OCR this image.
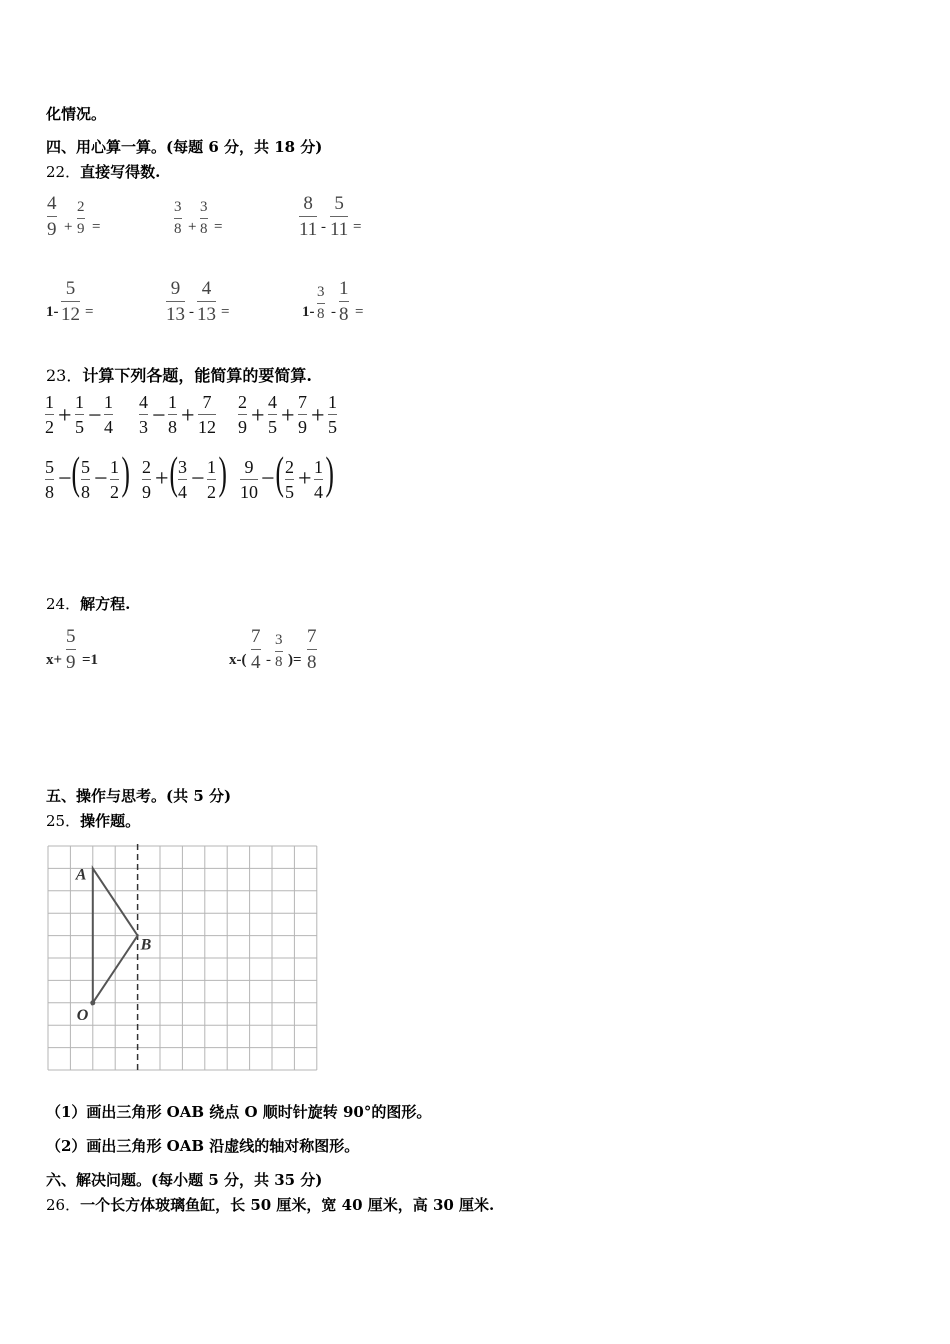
化情况。
四、用心算一算。(每题 6 分，共 18 分)
22．直接写得数.
4
9 +
2
9 =
3
8 +
3
8 =
8
11 -
5
11 =
1-
5
12 =
9
13 -
4
13 =	1-
3
8 -
1
8 =
23．计算下列各题，能简算的要简算.
1
2 +
1
5 −
1
4
4
3 −
1
8 +
7
12
2
9 +
4
5 +
7
9 +
1
5
5
8 − ( 5
8 − 1
2 ) 2
9 + ( 3
4 − 1
2 ) 9
10 − ( 2
5 + 1
4 )
24．解方程.
x+
5
9 =1	x-(
7
4 -
3
8 )=
7
8
五、操作与思考。(共 5 分)
25．操作题。
A
B
O
（1）画出三角形 OAB 绕点 O 顺时针旋转 90°的图形。
（2）画出三角形 OAB 沿虚线的轴对称图形。
六、解决问题。(每小题 5 分，共 35 分)
26．一个长方体玻璃鱼缸，长 50 厘米，宽 40 厘米，高 30 厘米.
